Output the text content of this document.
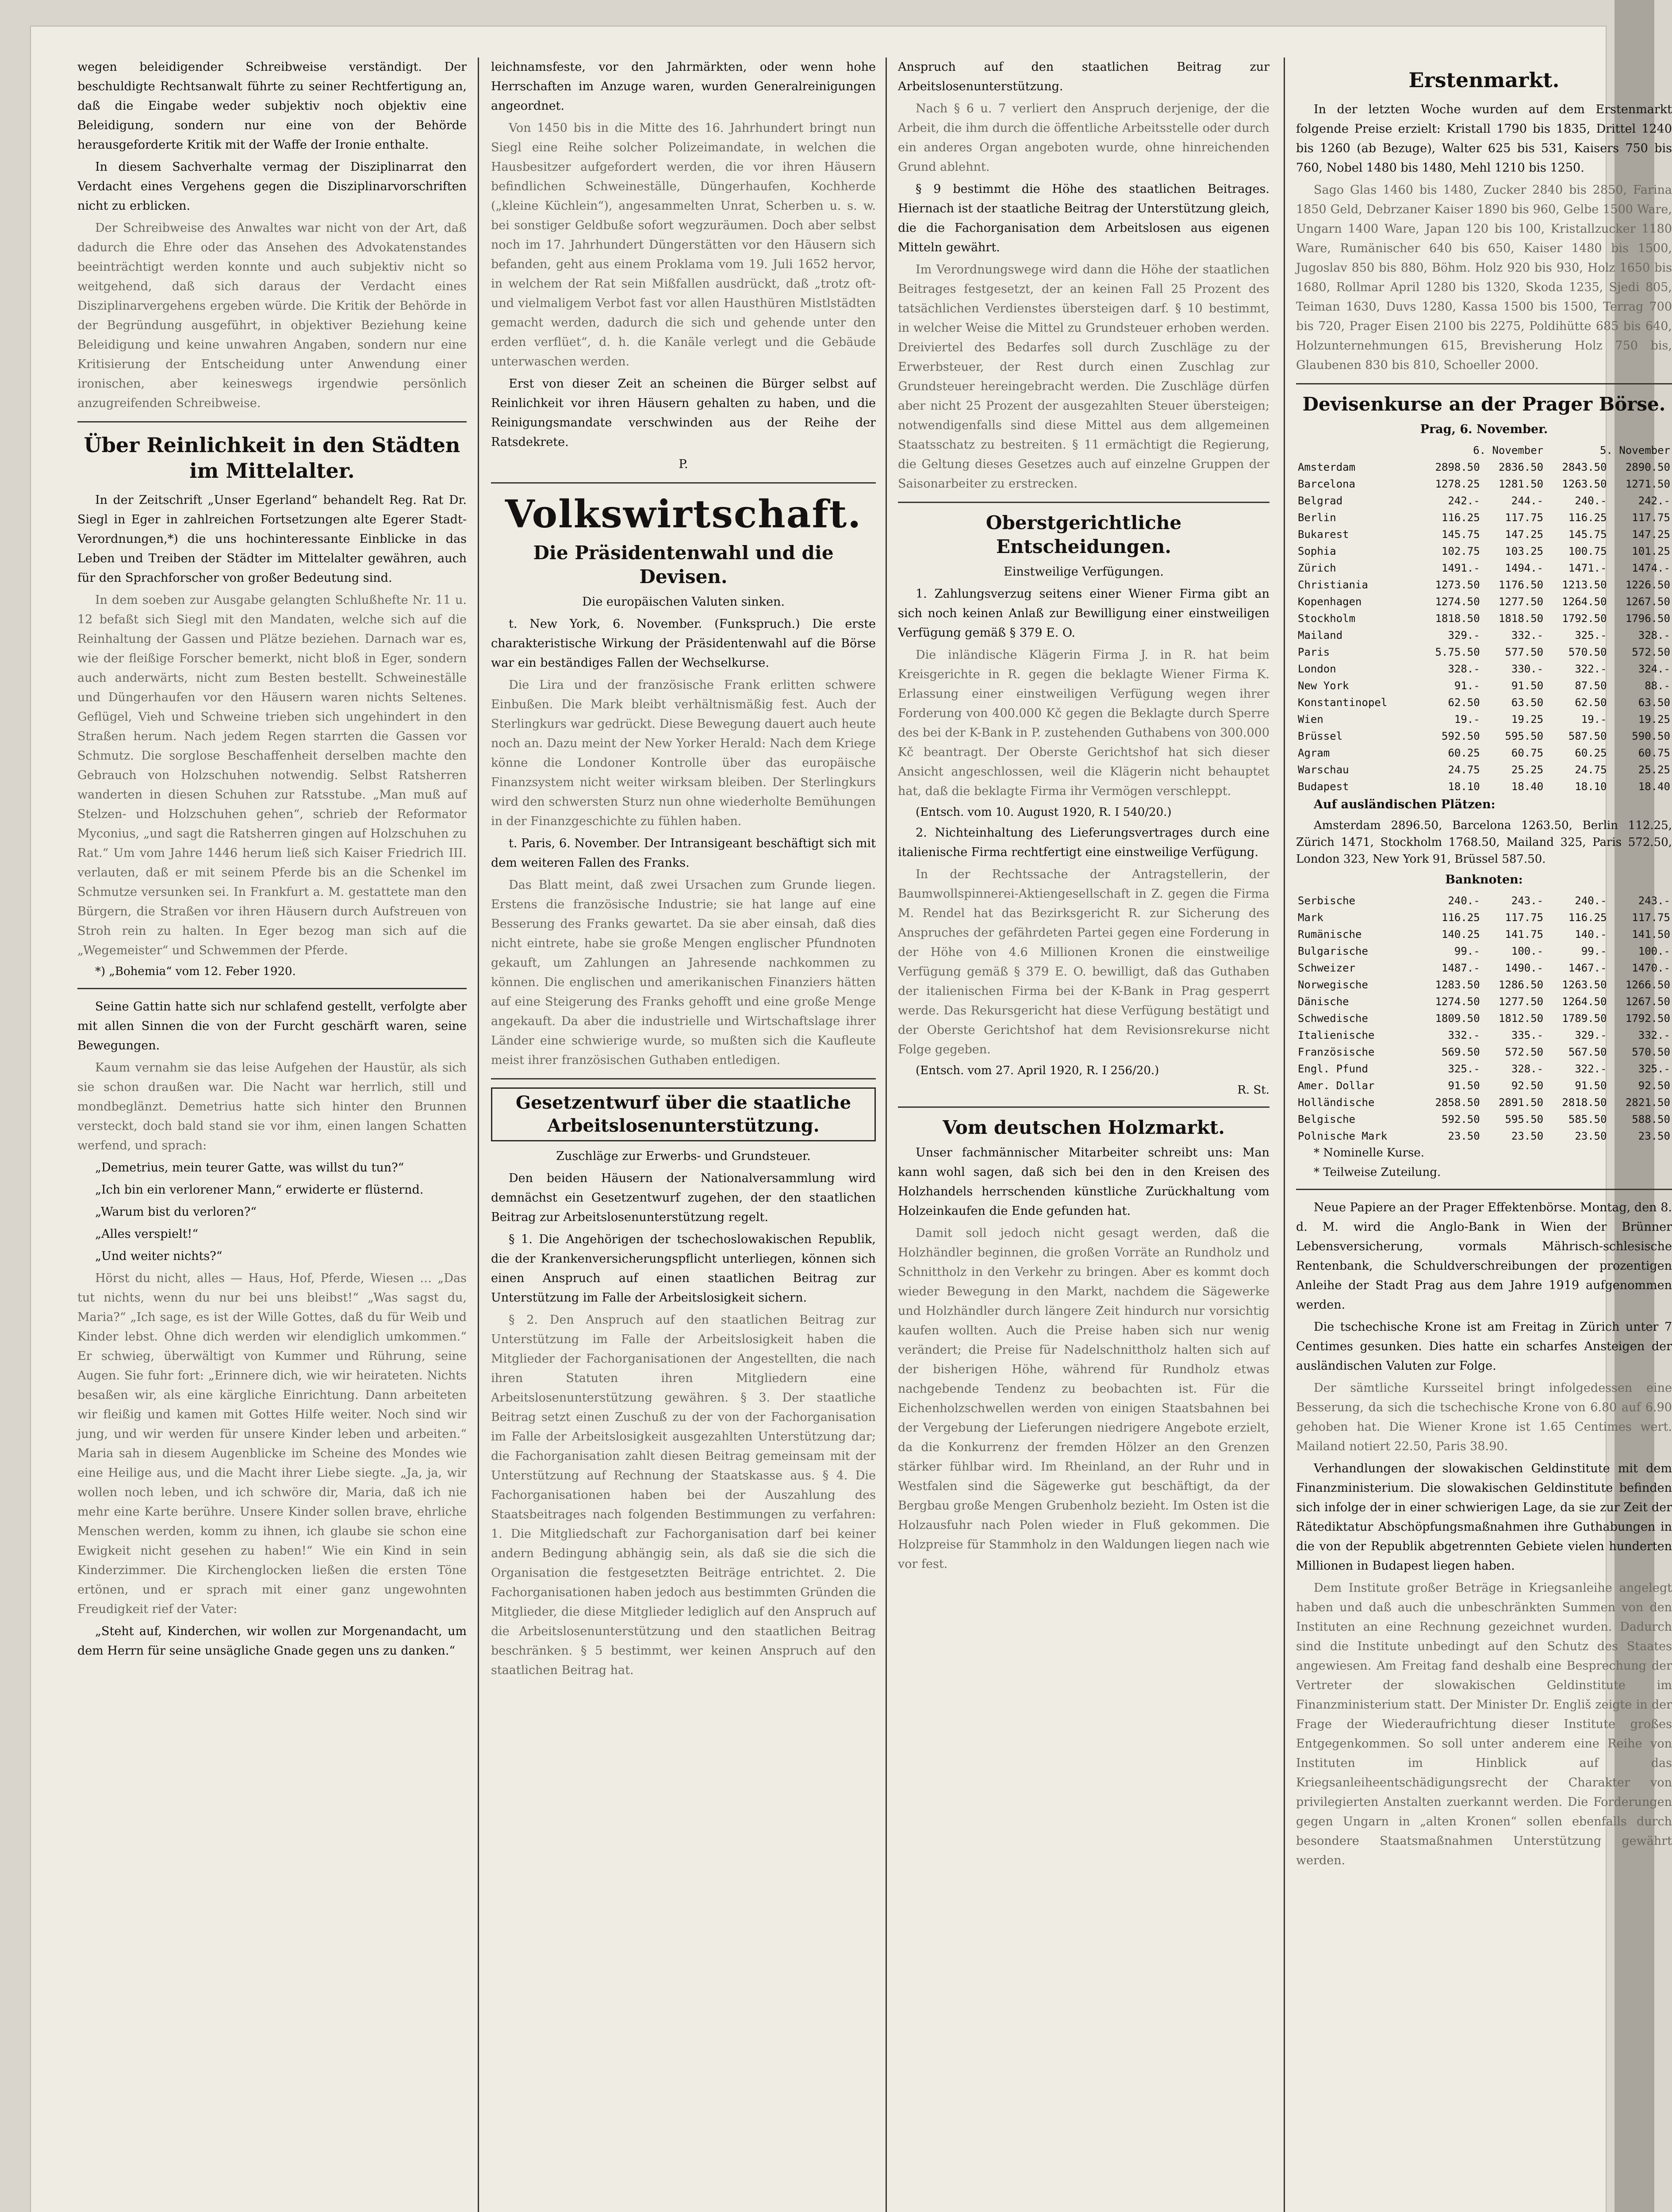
wegen beleidigender Schreibweise verständigt. Der beschuldigte Rechtsanwalt führte zu seiner Rechtfertigung an, daß die Eingabe weder subjektiv noch objektiv eine Beleidigung, sondern nur eine von der Behörde herausgeforderte Kritik mit der Waffe der Ironie enthalte.

In diesem Sachverhalte vermag der Disziplinarrat den Verdacht eines Vergehens gegen die Disziplinarvorschriften nicht zu erblicken.

Der Schreibweise des Anwaltes war nicht von der Art, daß dadurch die Ehre oder das Ansehen des Advokatenstandes beeinträchtigt werden konnte und auch subjektiv nicht so weitgehend, daß sich daraus der Verdacht eines Disziplinarvergehens ergeben würde. Die Kritik der Behörde in der Begründung ausgeführt, in objektiver Beziehung keine Beleidigung und keine unwahren Angaben, sondern nur eine Kritisierung der Entscheidung unter Anwendung einer ironischen, aber keineswegs irgendwie persönlich anzugreifenden Schreibweise.

Über Reinlichkeit in den Städten im Mittelalter.

In der Zeitschrift „Unser Egerland“ behandelt Reg. Rat Dr. Siegl in Eger in zahlreichen Fortsetzungen alte Egerer Stadt-Verordnungen,*) die uns hochinteressante Einblicke in das Leben und Treiben der Städter im Mittelalter gewähren, auch für den Sprachforscher von großer Bedeutung sind.

In dem soeben zur Ausgabe gelangten Schlußhefte Nr. 11 u. 12 befaßt sich Siegl mit den Mandaten, welche sich auf die Reinhaltung der Gassen und Plätze beziehen. Darnach war es, wie der fleißige Forscher bemerkt, nicht bloß in Eger, sondern auch anderwärts, nicht zum Besten bestellt. Schweineställe und Düngerhaufen vor den Häusern waren nichts Seltenes. Geflügel, Vieh und Schweine trieben sich ungehindert in den Straßen herum. Nach jedem Regen starrten die Gassen vor Schmutz. Die sorglose Beschaffenheit derselben machte den Gebrauch von Holzschuhen notwendig. Selbst Ratsherren wanderten in diesen Schuhen zur Ratsstube. „Man muß auf Stelzen- und Holzschuhen gehen“, schrieb der Reformator Myconius, „und sagt die Ratsherren gingen auf Holzschuhen zu Rat.“ Um vom Jahre 1446 herum ließ sich Kaiser Friedrich III. verlauten, daß er mit seinem Pferde bis an die Schenkel im Schmutze versunken sei. In Frankfurt a. M. gestattete man den Bürgern, die Straßen vor ihren Häusern durch Aufstreuen von Stroh rein zu halten. In Eger bezog man sich auf die „Wegemeister“ und Schwemmen der Pferde.

*) „Bohemia“ vom 12. Feber 1920.

Seine Gattin hatte sich nur schlafend gestellt, verfolgte aber mit allen Sinnen die von der Furcht geschärft waren, seine Bewegungen.

Kaum vernahm sie das leise Aufgehen der Haustür, als sich sie schon draußen war. Die Nacht war herrlich, still und mondbeglänzt. Demetrius hatte sich hinter den Brunnen versteckt, doch bald stand sie vor ihm, einen langen Schatten werfend, und sprach:

„Demetrius, mein teurer Gatte, was willst du tun?“

„Ich bin ein verlorener Mann,“ erwiderte er flüsternd.

„Warum bist du verloren?“

„Alles verspielt!“

„Und weiter nichts?“

Hörst du nicht, alles — Haus, Hof, Pferde, Wiesen … „Das tut nichts, wenn du nur bei uns bleibst!“ „Was sagst du, Maria?“ „Ich sage, es ist der Wille Gottes, daß du für Weib und Kinder lebst. Ohne dich werden wir elendiglich umkommen.“ Er schwieg, überwältigt von Kummer und Rührung, seine Augen. Sie fuhr fort: „Erinnere dich, wie wir heirateten. Nichts besaßen wir, als eine kärgliche Einrichtung. Dann arbeiteten wir fleißig und kamen mit Gottes Hilfe weiter. Noch sind wir jung, und wir werden für unsere Kinder leben und arbeiten.“ Maria sah in diesem Augenblicke im Scheine des Mondes wie eine Heilige aus, und die Macht ihrer Liebe siegte. „Ja, ja, wir wollen noch leben, und ich schwöre dir, Maria, daß ich nie mehr eine Karte berühre. Unsere Kinder sollen brave, ehrliche Menschen werden, komm zu ihnen, ich glaube sie schon eine Ewigkeit nicht gesehen zu haben!“ Wie ein Kind in sein Kinderzimmer. Die Kirchenglocken ließen die ersten Töne ertönen, und er sprach mit einer ganz ungewohnten Freudigkeit rief der Vater:

„Steht auf, Kinderchen, wir wollen zur Morgenandacht, um dem Herrn für seine unsägliche Gnade gegen uns zu danken.“

leichnamsfeste, vor den Jahrmärkten, oder wenn hohe Herrschaften im Anzuge waren, wurden Generalreinigungen angeordnet.

Von 1450 bis in die Mitte des 16. Jahrhundert bringt nun Siegl eine Reihe solcher Polizeimandate, in welchen die Hausbesitzer aufgefordert werden, die vor ihren Häusern befindlichen Schweineställe, Düngerhaufen, Kochherde („kleine Küchlein“), angesammelten Unrat, Scherben u. s. w. bei sonstiger Geldbuße sofort wegzuräumen. Doch aber selbst noch im 17. Jahrhundert Düngerstätten vor den Häusern sich befanden, geht aus einem Proklama vom 19. Juli 1652 hervor, in welchem der Rat sein Mißfallen ausdrückt, daß „trotz oft- und vielmaligem Verbot fast vor allen Hausthüren Mistlstädten gemacht werden, dadurch die sich und gehende unter den erden verflüet“, d. h. die Kanäle verlegt und die Gebäude unterwaschen werden.

Erst von dieser Zeit an scheinen die Bürger selbst auf Reinlichkeit vor ihren Häusern gehalten zu haben, und die Reinigungsmandate verschwinden aus der Reihe der Ratsdekrete.

P.

Volkswirtschaft.
Die Präsidentenwahl und die Devisen.

Die europäischen Valuten sinken.

t. New York, 6. November. (Funkspruch.) Die erste charakteristische Wirkung der Präsidentenwahl auf die Börse war ein beständiges Fallen der Wechselkurse.

Die Lira und der französische Frank erlitten schwere Einbußen. Die Mark bleibt verhältnismäßig fest. Auch der Sterlingkurs war gedrückt. Diese Bewegung dauert auch heute noch an. Dazu meint der New Yorker Herald: Nach dem Kriege könne die Londoner Kontrolle über das europäische Finanzsystem nicht weiter wirksam bleiben. Der Sterlingkurs wird den schwersten Sturz nun ohne wiederholte Bemühungen in der Finanzgeschichte zu fühlen haben.

t. Paris, 6. November. Der Intransigeant beschäftigt sich mit dem weiteren Fallen des Franks.

Das Blatt meint, daß zwei Ursachen zum Grunde liegen. Erstens die französische Industrie; sie hat lange auf eine Besserung des Franks gewartet. Da sie aber einsah, daß dies nicht eintrete, habe sie große Mengen englischer Pfundnoten gekauft, um Zahlungen an Jahresende nachkommen zu können. Die englischen und amerikanischen Finanziers hätten auf eine Steigerung des Franks gehofft und eine große Menge angekauft. Da aber die industrielle und Wirtschaftslage ihrer Länder eine schwierige wurde, so mußten sich die Kaufleute meist ihrer französischen Guthaben entledigen.

Gesetzentwurf über die staatliche Arbeitslosenunterstützung.

Zuschläge zur Erwerbs- und Grundsteuer.

Den beiden Häusern der Nationalversammlung wird demnächst ein Gesetzentwurf zugehen, der den staatlichen Beitrag zur Arbeitslosenunterstützung regelt.

§ 1. Die Angehörigen der tschechoslowakischen Republik, die der Krankenversicherungspflicht unterliegen, können sich einen Anspruch auf einen staatlichen Beitrag zur Unterstützung im Falle der Arbeitslosigkeit sichern.

§ 2. Den Anspruch auf den staatlichen Beitrag zur Unterstützung im Falle der Arbeitslosigkeit haben die Mitglieder der Fachorganisationen der Angestellten, die nach ihren Statuten ihren Mitgliedern eine Arbeitslosenunterstützung gewähren. § 3. Der staatliche Beitrag setzt einen Zuschuß zu der von der Fachorganisation im Falle der Arbeitslosigkeit ausgezahlten Unterstützung dar; die Fachorganisation zahlt diesen Beitrag gemeinsam mit der Unterstützung auf Rechnung der Staatskasse aus. § 4. Die Fachorganisationen haben bei der Auszahlung des Staatsbeitrages nach folgenden Bestimmungen zu verfahren: 1. Die Mitgliedschaft zur Fachorganisation darf bei keiner andern Bedingung abhängig sein, als daß sie die sich die Organisation die festgesetzten Beiträge entrichtet. 2. Die Fachorganisationen haben jedoch aus bestimmten Gründen die Mitglieder, die diese Mitglieder lediglich auf den Anspruch auf die Arbeitslosenunterstützung und den staatlichen Beitrag beschränken. § 5 bestimmt, wer keinen Anspruch auf den staatlichen Beitrag hat.

Anspruch auf den staatlichen Beitrag zur Arbeitslosenunterstützung.

Nach § 6 u. 7 verliert den Anspruch derjenige, der die Arbeit, die ihm durch die öffentliche Arbeitsstelle oder durch ein anderes Organ angeboten wurde, ohne hinreichenden Grund ablehnt.

§ 9 bestimmt die Höhe des staatlichen Beitrages. Hiernach ist der staatliche Beitrag der Unterstützung gleich, die die Fachorganisation dem Arbeitslosen aus eigenen Mitteln gewährt.

Im Verordnungswege wird dann die Höhe der staatlichen Beitrages festgesetzt, der an keinen Fall 25 Prozent des tatsächlichen Verdienstes übersteigen darf. § 10 bestimmt, in welcher Weise die Mittel zu Grundsteuer erhoben werden. Dreiviertel des Bedarfes soll durch Zuschläge zu der Erwerbsteuer, der Rest durch einen Zuschlag zur Grundsteuer hereingebracht werden. Die Zuschläge dürfen aber nicht 25 Prozent der ausgezahlten Steuer übersteigen; notwendigenfalls sind diese Mittel aus dem allgemeinen Staatsschatz zu bestreiten. § 11 ermächtigt die Regierung, die Geltung dieses Gesetzes auch auf einzelne Gruppen der Saisonarbeiter zu erstrecken.

Oberstgerichtliche Entscheidungen.

Einstweilige Verfügungen.

1. Zahlungsverzug seitens einer Wiener Firma gibt an sich noch keinen Anlaß zur Bewilligung einer einstweiligen Verfügung gemäß § 379 E. O.

Die inländische Klägerin Firma J. in R. hat beim Kreisgerichte in R. gegen die beklagte Wiener Firma K. Erlassung einer einstweiligen Verfügung wegen ihrer Forderung von 400.000 Kč gegen die Beklagte durch Sperre des bei der K-Bank in P. zustehenden Guthabens von 300.000 Kč beantragt. Der Oberste Gerichtshof hat sich dieser Ansicht angeschlossen, weil die Klägerin nicht behauptet hat, daß die beklagte Firma ihr Vermögen verschleppt.

(Entsch. vom 10. August 1920, R. I 540/20.)

2. Nichteinhaltung des Lieferungsvertrages durch eine italienische Firma rechtfertigt eine einstweilige Verfügung.

In der Rechtssache der Antragstellerin, der Baumwollspinnerei-Aktiengesellschaft in Z. gegen die Firma M. Rendel hat das Bezirksgericht R. zur Sicherung des Anspruches der gefährdeten Partei gegen eine Forderung in der Höhe von 4.6 Millionen Kronen die einstweilige Verfügung gemäß § 379 E. O. bewilligt, daß das Guthaben der italienischen Firma bei der K-Bank in Prag gesperrt werde. Das Rekursgericht hat diese Verfügung bestätigt und der Oberste Gerichtshof hat dem Revisionsrekurse nicht Folge gegeben.

(Entsch. vom 27. April 1920, R. I 256/20.)

R. St.

Vom deutschen Holzmarkt.

Unser fachmännischer Mitarbeiter schreibt uns: Man kann wohl sagen, daß sich bei den in den Kreisen des Holzhandels herrschenden künstliche Zurückhaltung vom Holzeinkaufen die Ende gefunden hat.

Damit soll jedoch nicht gesagt werden, daß die Holzhändler beginnen, die großen Vorräte an Rundholz und Schnittholz in den Verkehr zu bringen. Aber es kommt doch wieder Bewegung in den Markt, nachdem die Sägewerke und Holzhändler durch längere Zeit hindurch nur vorsichtig kaufen wollten. Auch die Preise haben sich nur wenig verändert; die Preise für Nadelschnittholz halten sich auf der bisherigen Höhe, während für Rundholz etwas nachgebende Tendenz zu beobachten ist. Für die Eichenholzschwellen werden von einigen Staatsbahnen bei der Vergebung der Lieferungen niedrigere Angebote erzielt, da die Konkurrenz der fremden Hölzer an den Grenzen stärker fühlbar wird. Im Rheinland, an der Ruhr und in Westfalen sind die Sägewerke gut beschäftigt, da der Bergbau große Mengen Grubenholz bezieht. Im Osten ist die Holzausfuhr nach Polen wieder in Fluß gekommen. Die Holzpreise für Stammholz in den Waldungen liegen nach wie vor fest.

Erstenmarkt.

In der letzten Woche wurden auf dem Erstenmarkt folgende Preise erzielt: Kristall 1790 bis 1835, Drittel 1240 bis 1260 (ab Bezuge), Walter 625 bis 531, Kaisers 750 bis 760, Nobel 1480 bis 1480, Mehl 1210 bis 1250.

Sago Glas 1460 bis 1480, Zucker 2840 bis 2850, Farina 1850 Geld, Debrzaner Kaiser 1890 bis 960, Gelbe 1500 Ware, Ungarn 1400 Ware, Japan 120 bis 100, Kristallzucker 1180 Ware, Rumänischer 640 bis 650, Kaiser 1480 bis 1500, Jugoslav 850 bis 880, Böhm. Holz 920 bis 930, Holz 1650 bis 1680, Rollmar April 1280 bis 1320, Skoda 1235, Sjedi 805, Teiman 1630, Duvs 1280, Kassa 1500 bis 1500, Terrag 700 bis 720, Prager Eisen 2100 bis 2275, Poldihütte 685 bis 640, Holzunternehmungen 615, Brevisherung Holz 750 bis, Glaubenen 830 bis 810, Schoeller 2000.

Devisenkurse an der Prager Börse.

Prag, 6. November.

	6. November		5. November	
Amsterdam	2898.50	2836.50	2843.50	2890.50
Barcelona	1278.25	1281.50	1263.50	1271.50
Belgrad	242.-	244.-	240.-	242.-
Berlin	116.25	117.75	116.25	117.75
Bukarest	145.75	147.25	145.75	147.25
Sophia	102.75	103.25	100.75	101.25
Zürich	1491.-	1494.-	1471.-	1474.-
Christiania	1273.50	1176.50	1213.50	1226.50
Kopenhagen	1274.50	1277.50	1264.50	1267.50
Stockholm	1818.50	1818.50	1792.50	1796.50
Mailand	329.-	332.-	325.-	328.-
Paris	5.75.50	577.50	570.50	572.50
London	328.-	330.-	322.-	324.-
New York	91.-	91.50	87.50	88.-
Konstantinopel	62.50	63.50	62.50	63.50
Wien	19.-	19.25	19.-	19.25
Brüssel	592.50	595.50	587.50	590.50
Agram	60.25	60.75	60.25	60.75
Warschau	24.75	25.25	24.75	25.25
Budapest	18.10	18.40	18.10	18.40

Auf ausländischen Plätzen:

Amsterdam 2896.50, Barcelona 1263.50, Berlin 112.25, Zürich 1471, Stockholm 1768.50, Mailand 325, Paris 572.50, London 323, New York 91, Brüssel 587.50.

Banknoten:

Serbische	240.-	243.-	240.-	243.-
Mark	116.25	117.75	116.25	117.75
Rumänische	140.25	141.75	140.-	141.50
Bulgarische	99.-	100.-	99.-	100.-
Schweizer	1487.-	1490.-	1467.-	1470.-
Norwegische	1283.50	1286.50	1263.50	1266.50
Dänische	1274.50	1277.50	1264.50	1267.50
Schwedische	1809.50	1812.50	1789.50	1792.50
Italienische	332.-	335.-	329.-	332.-
Französische	569.50	572.50	567.50	570.50
Engl. Pfund	325.-	328.-	322.-	325.-
Amer. Dollar	91.50	92.50	91.50	92.50
Holländische	2858.50	2891.50	2818.50	2821.50
Belgische	592.50	595.50	585.50	588.50
Polnische Mark	23.50	23.50	23.50	23.50

* Nominelle Kurse.

* Teilweise Zuteilung.

Neue Papiere an der Prager Effektenbörse. Montag, den 8. d. M. wird die Anglo-Bank in Wien der Brünner Lebensversicherung, vormals Mährisch-schlesische Rentenbank, die Schuldverschreibungen der prozentigen Anleihe der Stadt Prag aus dem Jahre 1919 aufgenommen werden.

Die tschechische Krone ist am Freitag in Zürich unter 7 Centimes gesunken. Dies hatte ein scharfes Ansteigen der ausländischen Valuten zur Folge.

Der sämtliche Kursseitel bringt infolgedessen eine Besserung, da sich die tschechische Krone von 6.80 auf 6.90 gehoben hat. Die Wiener Krone ist 1.65 Centimes wert. Mailand notiert 22.50, Paris 38.90.

Verhandlungen der slowakischen Geldinstitute mit dem Finanzministerium. Die slowakischen Geldinstitute befinden sich infolge der in einer schwierigen Lage, da sie zur Zeit der Rätediktatur Abschöpfungsmaßnahmen ihre Guthabungen in die von der Republik abgetrennten Gebiete vielen hunderten Millionen in Budapest liegen haben.

Dem Institute großer Beträge in Kriegsanleihe angelegt haben und daß auch die unbeschränkten Summen von den Instituten an eine Rechnung gezeichnet wurden. Dadurch sind die Institute unbedingt auf den Schutz des Staates angewiesen. Am Freitag fand deshalb eine Besprechung der Vertreter der slowakischen Geldinstitute im Finanzministerium statt. Der Minister Dr. Engliš zeigte in der Frage der Wiederaufrichtung dieser Institute großes Entgegenkommen. So soll unter anderem eine Reihe von Instituten im Hinblick auf das Kriegsanleiheentschädigungsrecht der Charakter von privilegierten Anstalten zuerkannt werden. Die Forderungen gegen Ungarn in „alten Kronen“ sollen ebenfalls durch besondere Staatsmaßnahmen Unterstützung gewährt werden.
